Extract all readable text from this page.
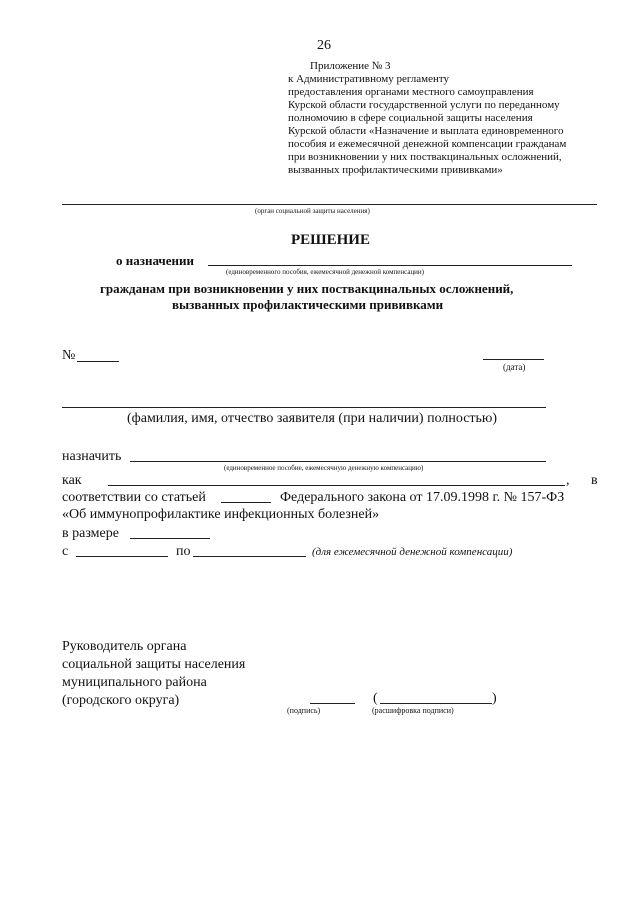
26
Приложение № 3
к Административному регламенту
предоставления органами местного самоуправления
Курской области государственной услуги по переданному
полномочию в сфере социальной защиты населения
Курской области «Назначение и выплата единовременного
пособия и ежемесячной денежной компенсации гражданам
при возникновении у них поствакцинальных осложнений,
вызванных профилактическими прививками»
(орган социальной защиты населения)
РЕШЕНИЕ
о назначении
(единовременного пособия, ежемесячной денежной компенсации)
гражданам при возникновении у них поствакцинальных осложнений,
вызванных профилактическими прививками
№
(дата)
(фамилия, имя, отчество заявителя (при наличии) полностью)
назначить
(единовременное пособие, ежемесячную денежную компенсацию)
как	, в
соответствии со статьей	Федерального закона от 17.09.1998 г. № 157-ФЗ
«Об иммунопрофилактике инфекционных болезней»
в размере
с	по	(для ежемесячной денежной компенсации)
Руководитель органа
социальной защиты населения
муниципального района
(городского округа)
(подпись)
(	)
(расшифровка подписи)
